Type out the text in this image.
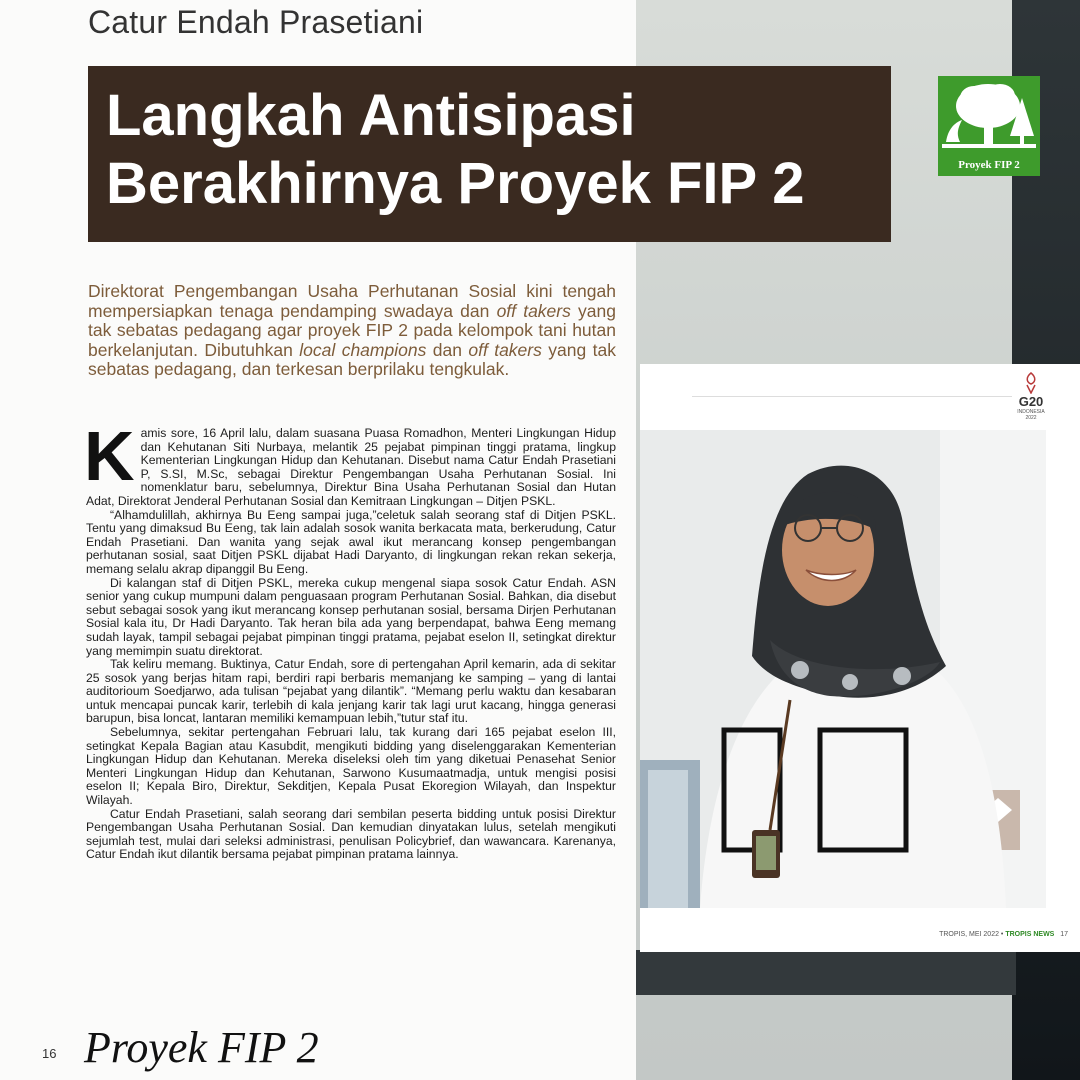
Catur Endah Prasetiani
Langkah Antisipasi
Berakhirnya Proyek FIP 2	Proyek FIP 2

Direktorat Pengembangan Usaha Perhutanan Sosial kini tengah mempersiapkan tenaga pendamping swadaya dan off takers yang tak sebatas pedagang agar proyek FIP 2 pada kelompok tani hutan berkelanjutan. Dibutuhkan local champions dan off takers yang tak sebatas pedagang, dan terkesan berprilaku tengkulak.

Kamis sore, 16 April lalu, dalam suasana Puasa Romadhon, Menteri Lingkungan Hidup dan Kehutanan Siti Nurbaya, melantik 25 pejabat pimpinan tinggi pratama, lingkup Kementerian Lingkungan Hidup dan Kehutanan. Disebut nama Catur Endah Prasetiani P, S.SI, M.Sc, sebagai Direktur Pengembangan Usaha Perhutanan Sosial. Ini nomenklatur baru, sebelumnya, Direktur Bina Usaha Perhutanan Sosial dan Hutan Adat, Direktorat Jenderal Perhutanan Sosial dan Kemitraan Lingkungan – Ditjen PSKL.

“Alhamdulillah, akhirnya Bu Eeng sampai juga,”celetuk salah seorang staf di Ditjen PSKL. Tentu yang dimaksud Bu Eeng, tak lain adalah sosok wanita berkacata mata, berkerudung, Catur Endah Prasetiani. Dan wanita yang sejak awal ikut merancang konsep pengembangan perhutanan sosial, saat Ditjen PSKL dijabat Hadi Daryanto, di lingkungan rekan rekan sekerja, memang selalu akrap dipanggil Bu Eeng.

Di kalangan staf di Ditjen PSKL, mereka cukup mengenal siapa sosok Catur Endah. ASN senior yang cukup mumpuni dalam penguasaan program Perhutanan Sosial. Bahkan, dia disebut sebut sebagai sosok yang ikut merancang konsep perhutanan sosial, bersama Dirjen Perhutanan Sosial kala itu, Dr Hadi Daryanto. Tak heran bila ada yang berpendapat, bahwa Eeng memang sudah layak, tampil sebagai pejabat pimpinan tinggi pratama, pejabat eselon II, setingkat direktur yang memimpin suatu direktorat.

Tak keliru memang. Buktinya, Catur Endah, sore di pertengahan April kemarin, ada di sekitar 25 sosok yang berjas hitam rapi, berdiri rapi berbaris memanjang ke samping – yang di lantai auditorioum Soedjarwo, ada tulisan “pejabat yang dilantik”. “Memang perlu waktu dan kesabaran untuk mencapai puncak karir, terlebih di kala jenjang karir tak lagi urut kacang, hingga generasi barupun, bisa loncat, lantaran memiliki kemampuan lebih,”tutur staf itu.

Sebelumnya, sekitar pertengahan Februari lalu, tak kurang dari 165 pejabat eselon III, setingkat Kepala Bagian atau Kasubdit, mengikuti bidding yang diselenggarakan Kementerian Lingkungan Hidup dan Kehutanan. Mereka diseleksi oleh tim yang diketuai Penasehat Senior Menteri Lingkungan Hidup dan Kehutanan, Sarwono Kusumaatmadja, untuk mengisi posisi eselon II; Kepala Biro, Direktur, Sekditjen, Kepala Pusat Ekoregion Wilayah, dan Inspektur Wilayah.

Catur Endah Prasetiani, salah seorang dari sembilan peserta bidding untuk posisi Direktur Pengembangan Usaha Perhutanan Sosial. Dan kemudian dinyatakan lulus, setelah mengikuti sejumlah test, mulai dari seleksi administrasi, penulisan Policybrief, dan wawancara. Karenanya, Catur Endah ikut dilantik bersama pejabat pimpinan pratama lainnya.

16 Proyek FIP 2
G20
INDONESIA 2022
TROPIS, MEI 2022 • TROPIS NEWS 17
